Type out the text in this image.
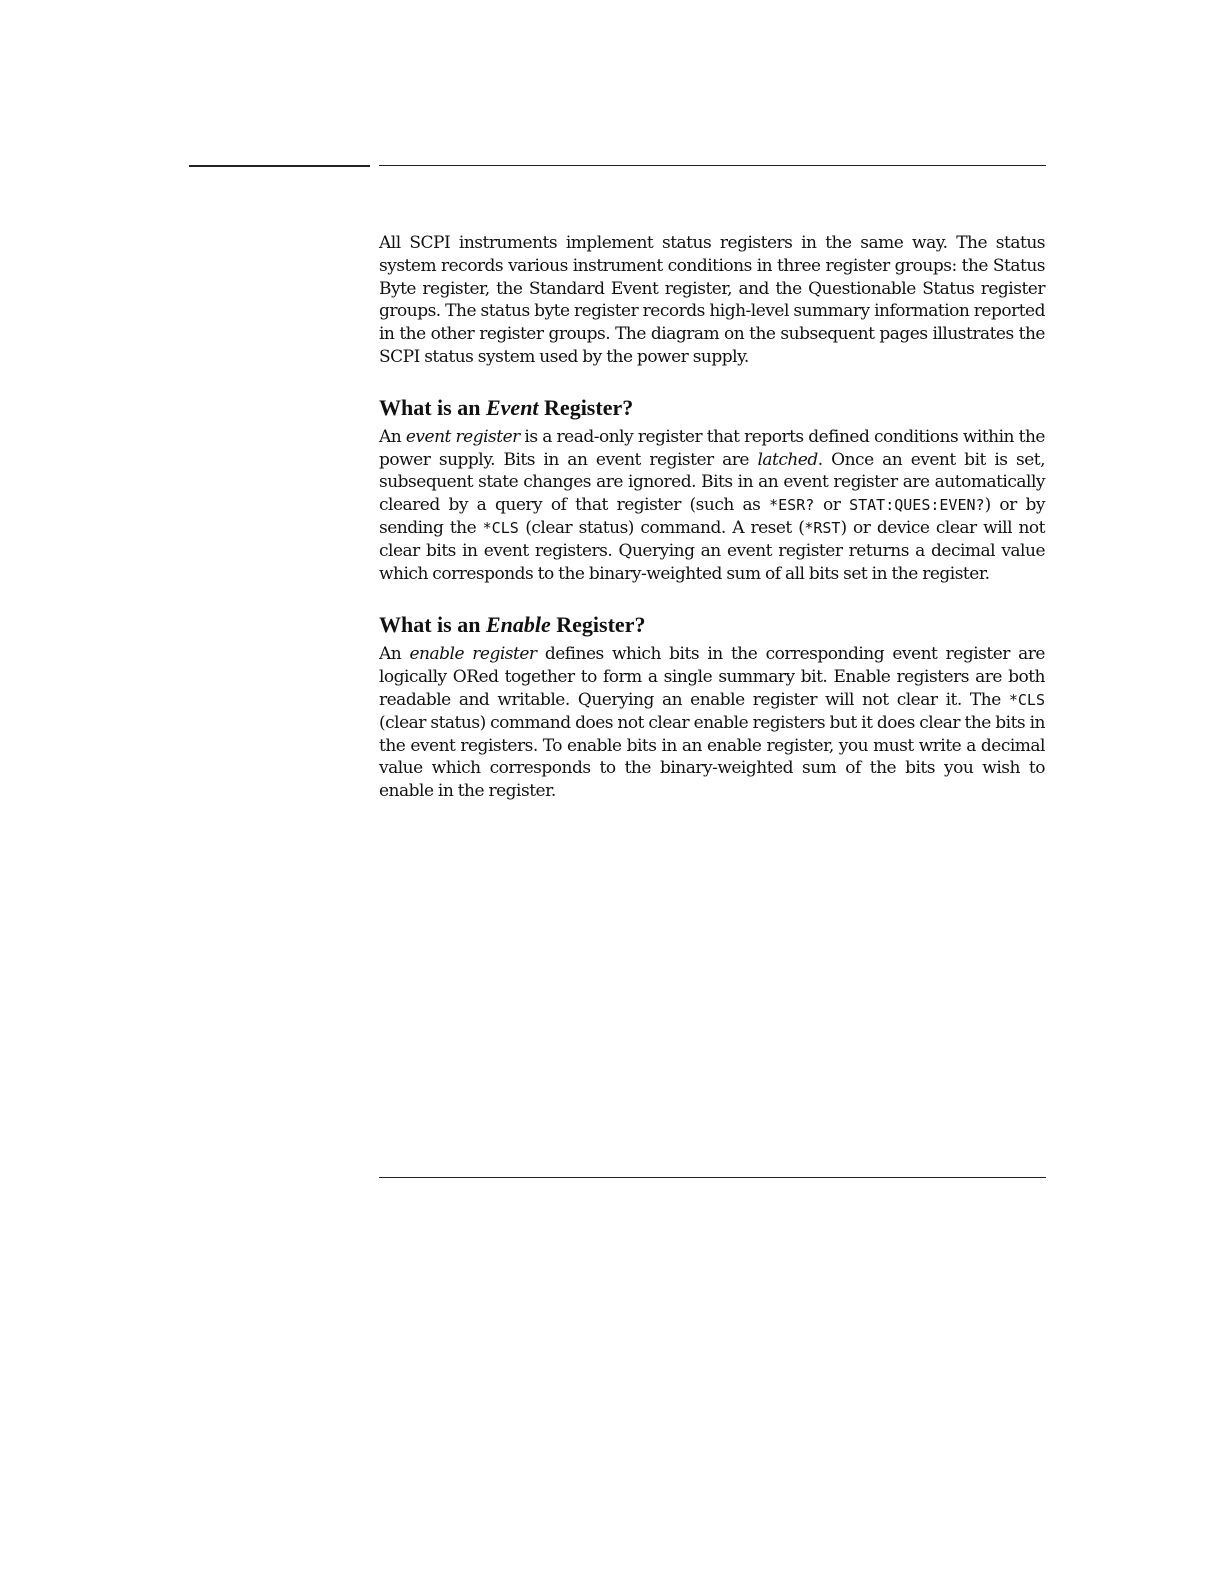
All SCPI instruments implement status registers in the same way. The status system records various instrument conditions in three register groups: the Status Byte register, the Standard Event register, and the Questionable Status register groups. The status byte register records high-level summary information reported in the other register groups. The diagram on the subsequent pages illustrates the SCPI status system used by the power supply.

What is an Event Register?

An event register is a read-only register that reports defined conditions within the power supply. Bits in an event register are latched. Once an event bit is set, subsequent state changes are ignored. Bits in an event register are automatically cleared by a query of that register (such as *ESR? or STAT:QUES:EVEN?) or by sending the *CLS (clear status) command. A reset (*RST) or device clear will not clear bits in event registers. Querying an event register returns a decimal value which corresponds to the binary-weighted sum of all bits set in the register.

What is an Enable Register?

An enable register defines which bits in the corresponding event register are logically ORed together to form a single summary bit. Enable registers are both readable and writable. Querying an enable register will not clear it. The *CLS (clear status) command does not clear enable registers but it does clear the bits in the event registers. To enable bits in an enable register, you must write a decimal value which corresponds to the binary-weighted sum of the bits you wish to enable in the register.
